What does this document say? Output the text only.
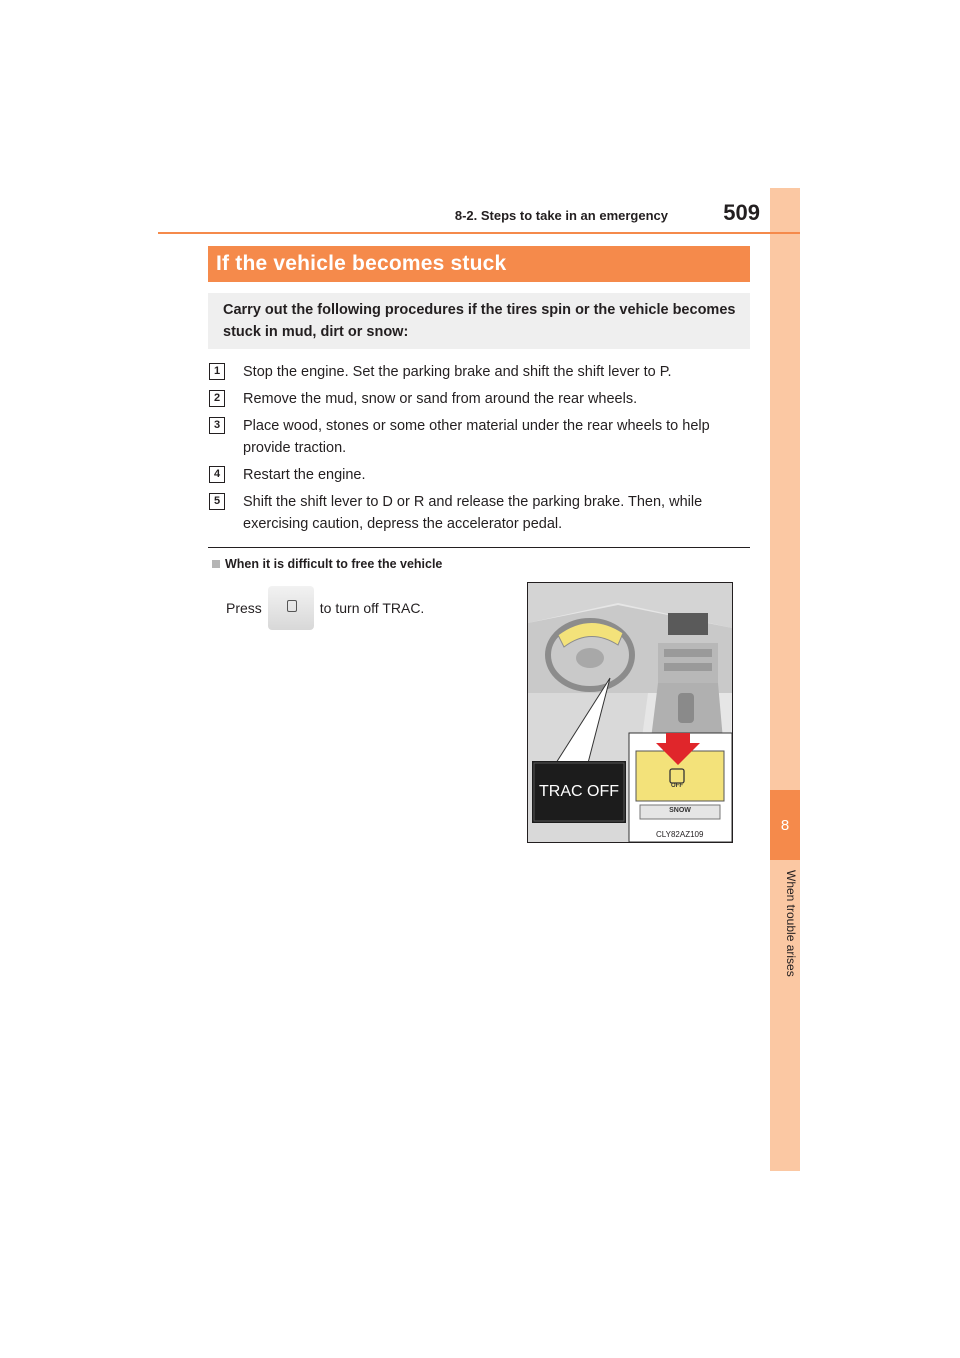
8
When trouble arises
8-2. Steps to take in an emergency	509
If the vehicle becomes stuck
Carry out the following procedures if the tires spin or the vehicle becomes stuck in mud, dirt or snow:
1	Stop the engine. Set the parking brake and shift the shift lever to P.
2	Remove the mud, snow or sand from around the rear wheels.
3	Place wood, stones or some other material under the rear wheels to help provide traction.
4	Restart the engine.
5	Shift the shift lever to D or R and release the parking brake. Then, while exercising caution, depress the accelerator pedal.
When it is difficult to free the vehicle
Press	to turn off TRAC.
TRAC OFF	OFF
SNOW
CLY82AZ109
